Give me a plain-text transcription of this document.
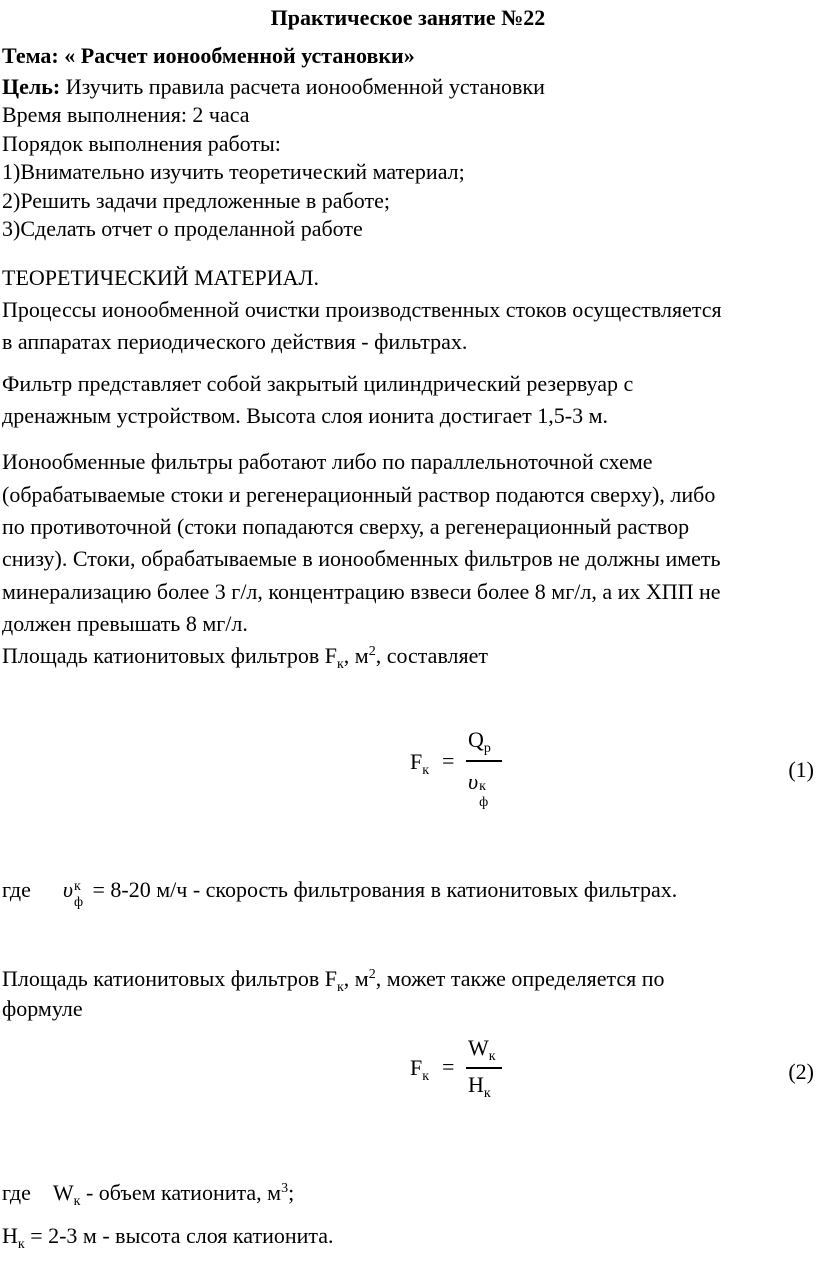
Практическое занятие №22
Тема: « Расчет ионообменной установки»
Цель: Изучить правила расчета ионообменной установки
Время выполнения: 2 часа
Порядок выполнения работы:
1)Внимательно изучить теоретический материал;
2)Решить задачи предложенные в работе;
3)Сделать отчет о проделанной работе
ТЕОРЕТИЧЕСКИЙ МАТЕРИАЛ.
Процессы ионообменной очистки производственных стоков осуществляется
в аппаратах периодического действия - фильтрах.
Фильтр представляет собой закрытый цилиндрический резервуар с
дренажным устройством. Высота слоя ионита достигает 1,5-3 м.
Ионообменные фильтры работают либо по параллельноточной схеме
(обрабатываемые стоки и регенерационный раствор подаются сверху), либо
по противоточной (стоки попадаются сверху, а регенерационный раствор
снизу). Стоки, обрабатываемые в ионообменных фильтров не должны иметь
минерализацию более 3 г/л, концентрацию взвеси более 8 мг/л, а их ХПП не
должен превышать 8 мг/л.
Площадь катионитовых фильтров $F_к$, $м^2$, составляет
$F_к$ =
$Q_р$
υ к
ф
(1)
где υ к
ф
= 8-20 м/ч - скорость фильтрования в катионитовых фильтрах.
Площадь катионитовых фильтров $F_к$, $м^2$, может также определяется по
формуле
$F_к$ =
$W_к$
$H_к$
(2)
где $W_к$ - объем катионита, $м^3$;
$Н_к = 2-3$ м - высота слоя катионита.
